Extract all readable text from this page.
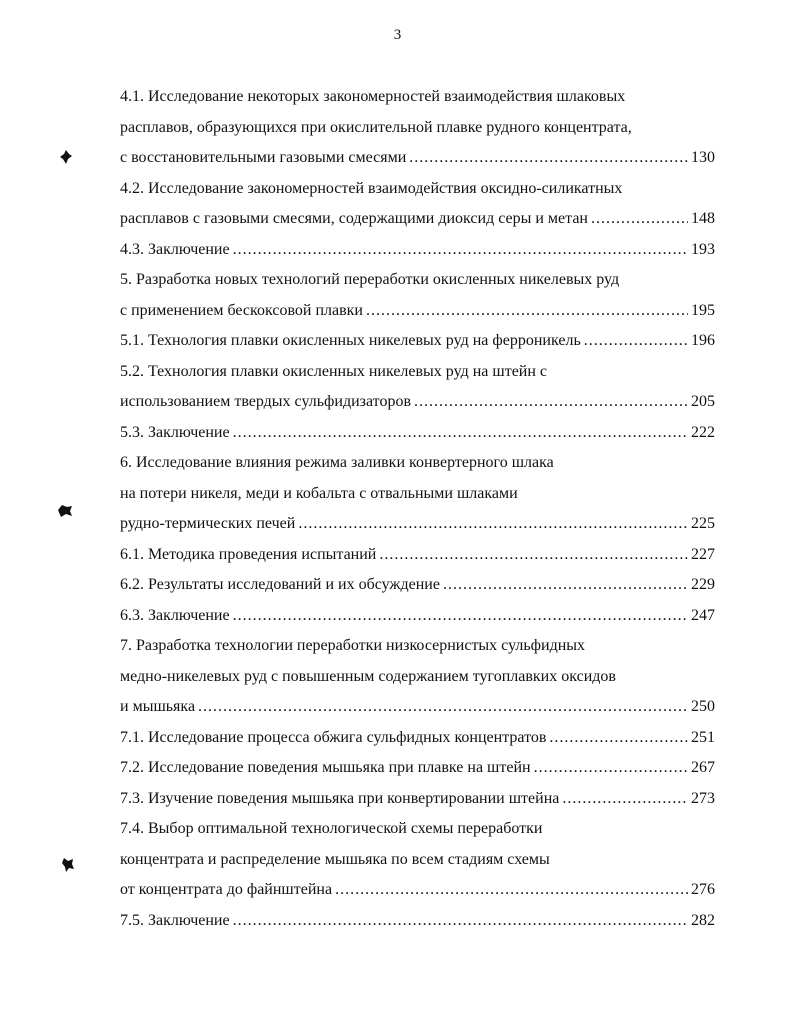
3
4.1. Исследование некоторых закономерностей взаимодействия шлаковых
расплавов, образующихся при окислительной плавке рудного концентрата,
с восстановительными газовыми смесями .....	130
4.2. Исследование закономерностей взаимодействия оксидно-силикатных
расплавов с газовыми смесями, содержащими диоксид серы и метан .....	148
4.3. Заключение .....	193
5. Разработка новых технологий переработки окисленных никелевых руд
с применением бескоксовой плавки .....	195
5.1. Технология плавки окисленных никелевых руд на ферроникель .....	196
5.2. Технология плавки окисленных никелевых руд на штейн с
использованием твердых сульфидизаторов .....	205
5.3. Заключение .....	222
6. Исследование влияния режима заливки конвертерного шлака
на потери никеля, меди и кобальта с отвальными шлаками
рудно-термических печей .....	225
6.1. Методика проведения испытаний .....	227
6.2. Результаты исследований и их обсуждение .....	229
6.3. Заключение .....	247
7. Разработка технологии переработки низкосернистых сульфидных
медно-никелевых руд с повышенным содержанием тугоплавких оксидов
и мышьяка .....	250
7.1. Исследование процесса обжига сульфидных концентратов .....	251
7.2. Исследование поведения мышьяка при плавке на штейн .....	267
7.3. Изучение поведения мышьяка при конвертировании штейна .....	273
7.4. Выбор оптимальной технологической схемы переработки
концентрата и распределение мышьяка по всем стадиям схемы
от концентрата до файнштейна .....	276
7.5. Заключение .....	282
